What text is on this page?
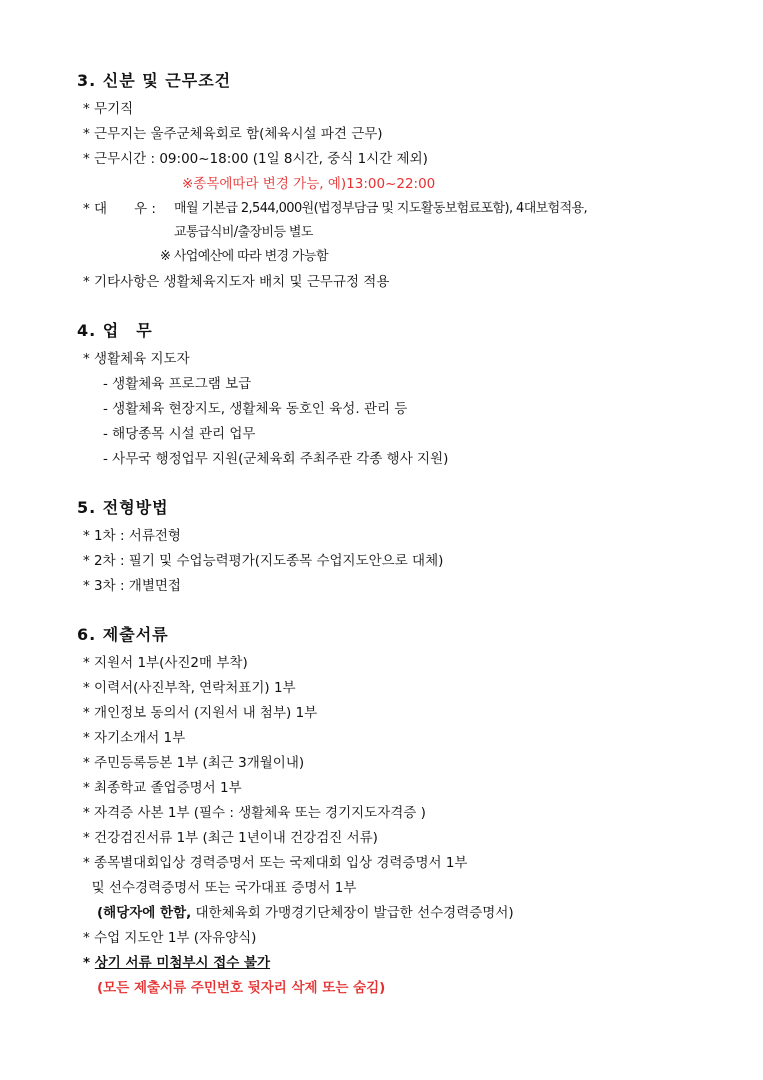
3. 신분 및 근무조건
* 무기직
* 근무지는 울주군체육회로 함(체육시설 파견 근무)
* 근무시간 : 09:00~18:00 (1일 8시간, 중식 1시간 제외)
※종목에따라 변경 가능, 예)13:00~22:00
* 대　　우 : 매월 기본급 2,544,000원(법정부담금 및 지도활동보험료포함), 4대보험적용,
교통급식비/출장비등 별도
※ 사업예산에 따라 변경 가능함
* 기타사항은 생활체육지도자 배치 및 근무규정 적용
4. 업　무
* 생활체육 지도자
- 생활체육 프로그램 보급
- 생활체육 현장지도, 생활체육 동호인 육성. 관리 등
- 해당종목 시설 관리 업무
- 사무국 행정업무 지원(군체육회 주최주관 각종 행사 지원)
5. 전형방법
* 1차 : 서류전형
* 2차 : 필기 및 수업능력평가(지도종목 수업지도안으로 대체)
* 3차 : 개별면접
6. 제출서류
* 지원서 1부(사진2매 부착)
* 이력서(사진부착, 연락처표기) 1부
* 개인정보 동의서 (지원서 내 첨부) 1부
* 자기소개서 1부
* 주민등록등본 1부 (최근 3개월이내)
* 최종학교 졸업증명서 1부
* 자격증 사본 1부 (필수 : 생활체육 또는 경기지도자격증 )
* 건강검진서류 1부 (최근 1년이내 건강검진 서류)
* 종목별대회입상 경력증명서 또는 국제대회 입상 경력증명서 1부
및 선수경력증명서 또는 국가대표 증명서 1부
(해당자에 한함, 대한체육회 가맹경기단체장이 발급한 선수경력증명서)
* 수업 지도안 1부 (자유양식)
* 상기 서류 미첨부시 접수 불가
(모든 제출서류 주민번호 뒷자리 삭제 또는 숨김)
